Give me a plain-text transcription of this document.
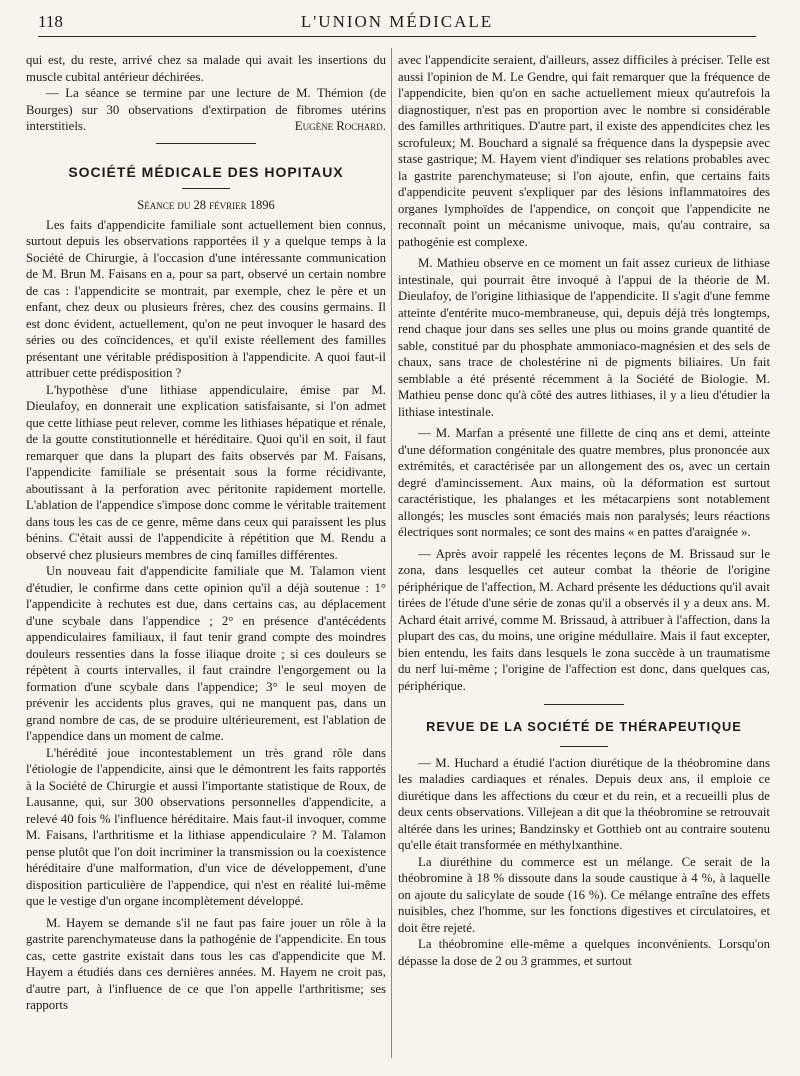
118	L'UNION MÉDICALE

qui est, du reste, arrivé chez sa malade qui avait les insertions du muscle cubital antérieur déchirées.

— La séance se termine par une lecture de M. Thémion (de Bourges) sur 30 observations d'extirpation de fibromes utérins interstitiels.	Eugène Rochard.

SOCIÉTÉ MÉDICALE DES HOPITAUX
Séance du 28 février 1896

Les faits d'appendicite familiale sont actuellement bien connus, surtout depuis les observations rapportées il y a quelque temps à la Société de Chirurgie, à l'occasion d'une intéressante communication de M. Brun M. Faisans en a, pour sa part, observé un certain nombre de cas : l'appendicite se montrait, par exemple, chez le père et un enfant, chez deux ou plusieurs frères, chez des cousins germains. Il est donc évident, actuellement, qu'on ne peut invoquer le hasard des séries ou des coïncidences, et qu'il existe réellement des familles présentant une véritable prédisposition à l'appendicite. A quoi faut-il attribuer cette prédisposition ?

L'hypothèse d'une lithiase appendiculaire, émise par M. Dieulafoy, en donnerait une explication satisfaisante, si l'on admet que cette lithiase peut relever, comme les lithiases hépatique et rénale, de la goutte constitutionnelle et héréditaire. Quoi qu'il en soit, il faut remarquer que dans la plupart des faits observés par M. Faisans, l'appendicite familiale se présentait sous la forme récidivante, aboutissant à la perforation avec péritonite rapidement mortelle. L'ablation de l'appendice s'impose donc comme le véritable traitement dans tous les cas de ce genre, même dans ceux qui paraissent les plus bénins. C'était aussi de l'appendicite à répétition que M. Rendu a observé chez plusieurs membres de cinq familles différentes.

Un nouveau fait d'appendicite familiale que M. Talamon vient d'étudier, le confirme dans cette opinion qu'il a déjà soutenue : 1° l'appendicite à rechutes est due, dans certains cas, au déplacement d'une scybale dans l'appendice ; 2° en présence d'antécédents appendiculaires familiaux, il faut tenir grand compte des moindres douleurs ressenties dans la fosse iliaque droite ; si ces douleurs se répètent à courts intervalles, il faut craindre l'engorgement ou la formation d'une scybale dans l'appendice; 3° le seul moyen de prévenir les accidents plus graves, qui ne manquent pas, dans un grand nombre de cas, de se produire ultérieurement, est l'ablation de l'appendice dans un moment de calme.

L'hérédité joue incontestablement un très grand rôle dans l'étiologie de l'appendicite, ainsi que le démontrent les faits rapportés à la Société de Chirurgie et aussi l'importante statistique de Roux, de Lausanne, qui, sur 300 observations personnelles d'appendicite, a relevé 40 fois % l'influence héréditaire. Mais faut-il invoquer, comme M. Faisans, l'arthritisme et la lithiase appendiculaire ? M. Talamon pense plutôt que l'on doit incriminer la transmission ou la coexistence héréditaire d'une malformation, d'un vice de développement, d'une disposition particulière de l'appendice, qui n'est en réalité lui-même que le vestige d'un organe incomplètement développé.

M. Hayem se demande s'il ne faut pas faire jouer un rôle à la gastrite parenchymateuse dans la pathogénie de l'appendicite. En tous cas, cette gastrite existait dans tous les cas d'appendicite que M. Hayem a étudiés dans ces dernières années. M. Hayem ne croit pas, d'autre part, à l'influence de ce que l'on appelle l'arthritisme; ses rapports

avec l'appendicite seraient, d'ailleurs, assez difficiles à préciser. Telle est aussi l'opinion de M. Le Gendre, qui fait remarquer que la fréquence de l'appendicite, bien qu'on en sache actuellement mieux qu'autrefois la diagnostiquer, n'est pas en proportion avec le nombre si considérable des familles arthritiques. D'autre part, il existe des appendicites chez les scrofuleux; M. Bouchard a signalé sa fréquence dans la dyspepsie avec stase gastrique; M. Hayem vient d'indiquer ses relations probables avec la gastrite parenchymateuse; si l'on ajoute, enfin, que certains faits d'appendicite peuvent s'expliquer par des lésions inflammatoires des organes lymphoïdes de l'appendice, on conçoit que l'appendicite ne reconnaît point un mécanisme univoque, mais, qu'au contraire, sa pathogénie est complexe.

M. Mathieu observe en ce moment un fait assez curieux de lithiase intestinale, qui pourrait être invoqué à l'appui de la théorie de M. Dieulafoy, de l'origine lithiasique de l'appendicite. Il s'agit d'une femme atteinte d'entérite muco-membraneuse, qui, depuis déjà très longtemps, rend chaque jour dans ses selles une plus ou moins grande quantité de sable, constitué par du phosphate ammoniaco-magnésien et des sels de chaux, sans trace de cholestérine ni de pigments biliaires. Un fait semblable a été présenté récemment à la Société de Biologie. M. Mathieu pense donc qu'à côté des autres lithiases, il y a lieu d'étudier la lithiase intestinale.

— M. Marfan a présenté une fillette de cinq ans et demi, atteinte d'une déformation congénitale des quatre membres, plus prononcée aux extrémités, et caractérisée par un allongement des os, avec un certain degré d'amincissement. Aux mains, où la déformation est surtout caractéristique, les phalanges et les métacarpiens sont notablement allongés; les muscles sont émaciés mais non paralysés; leurs réactions électriques sont normales; ce sont des mains « en pattes d'araignée ».

— Après avoir rappelé les récentes leçons de M. Brissaud sur le zona, dans lesquelles cet auteur combat la théorie de l'origine périphérique de l'affection, M. Achard présente les déductions qu'il avait tirées de l'étude d'une série de zonas qu'il a observés il y a deux ans. M. Achard était arrivé, comme M. Brissaud, à attribuer à l'affection, dans la plupart des cas, du moins, une origine médullaire. Mais il faut excepter, bien entendu, les faits dans lesquels le zona succède à un traumatisme du nerf lui-même ; l'origine de l'affection est donc, dans quelques cas, périphérique.

REVUE DE LA SOCIÉTÉ DE THÉRAPEUTIQUE

— M. Huchard a étudié l'action diurétique de la théobromine dans les maladies cardiaques et rénales. Depuis deux ans, il emploie ce diurétique dans les affections du cœur et du rein, et a recueilli plus de deux cents observations. Villejean a dit que la théobromine se retrouvait altérée dans les urines; Bandzinsky et Gotthieb ont au contraire soutenu qu'elle était transformée en méthylxanthine.

La diuréthine du commerce est un mélange. Ce serait de la théobromine à 18 % dissoute dans la soude caustique à 4 %, à laquelle on ajoute du salicylate de soude (16 %). Ce mélange entraîne des effets nuisibles, chez l'homme, sur les fonctions digestives et circulatoires, et doit être rejeté.

La théobromine elle-même a quelques inconvénients. Lorsqu'on dépasse la dose de 2 ou 3 grammes, et surtout
